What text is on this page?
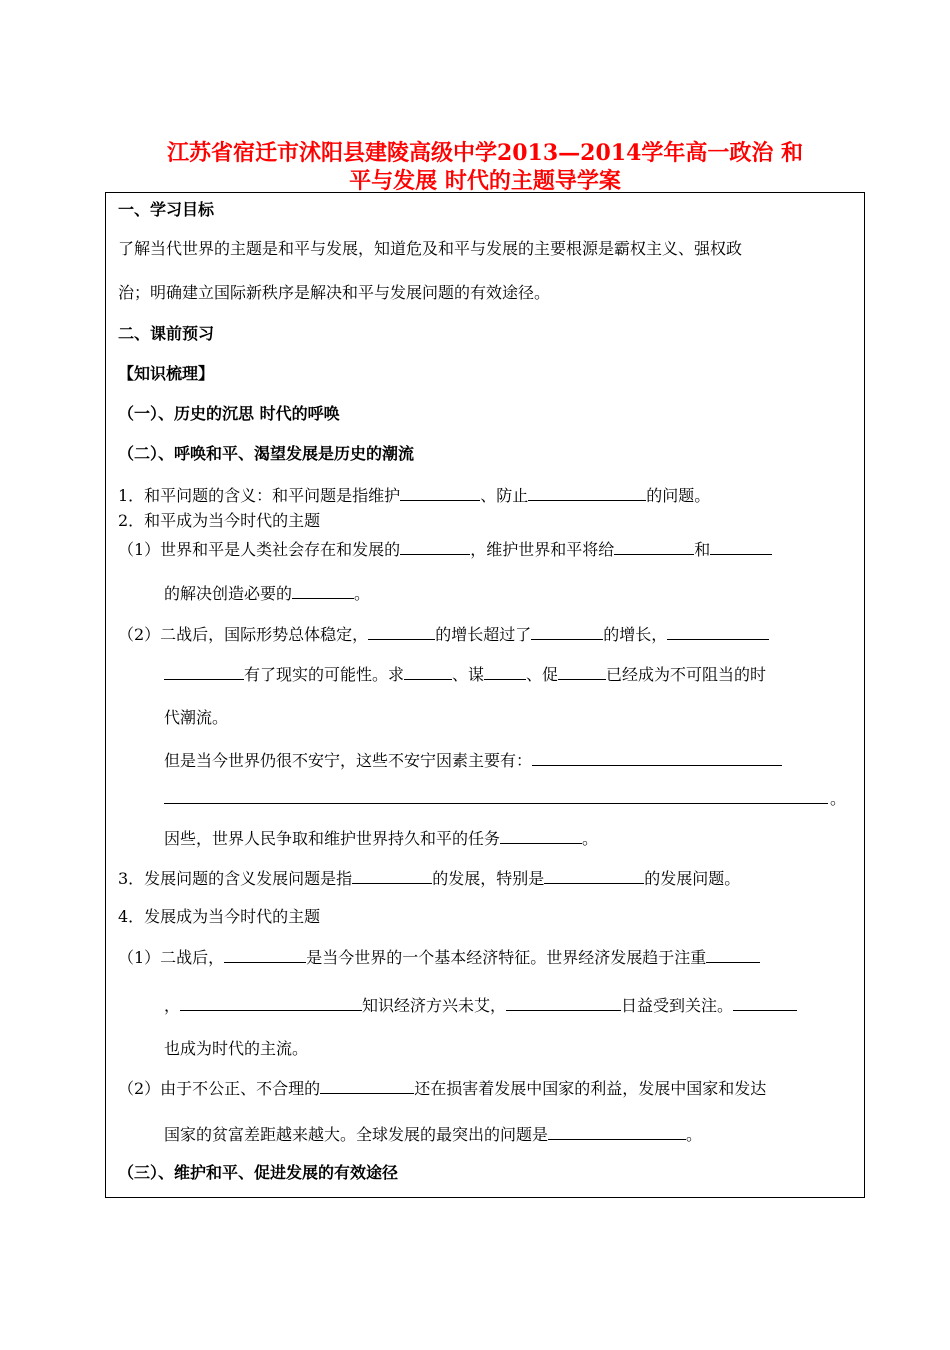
江苏省宿迁市沭阳县建陵高级中学2013—2014学年高一政治 和
平与发展 时代的主题导学案
一、学习目标
了解当代世界的主题是和平与发展，知道危及和平与发展的主要根源是霸权主义、强权政
治；明确建立国际新秩序是解决和平与发展问题的有效途径。
二、课前预习
【知识梳理】
（一）、历史的沉思 时代的呼唤
（二）、呼唤和平、渴望发展是历史的潮流
1．和平问题的含义：和平问题是指维护	、防止	的问题。
2．和平成为当今时代的主题
（1）世界和平是人类社会存在和发展的	，维护世界和平将给	和
的解决创造必要的	。
（2）二战后，国际形势总体稳定，	的增长超过了	的增长，
有了现实的可能性。求	、谋	、促	已经成为不可阻当的时
代潮流。
但是当今世界仍很不安宁，这些不安宁因素主要有：
。
因些，世界人民争取和维护世界持久和平的任务	。
3．发展问题的含义发展问题是指	的发展，特别是	的发展问题。
4．发展成为当今时代的主题
（1）二战后，	是当今世界的一个基本经济特征。世界经济发展趋于注重
，	知识经济方兴未艾，	日益受到关注。
也成为时代的主流。
（2）由于不公正、不合理的	还在损害着发展中国家的利益，发展中国家和发达
国家的贫富差距越来越大。全球发展的最突出的问题是	。
（三）、维护和平、促进发展的有效途径
